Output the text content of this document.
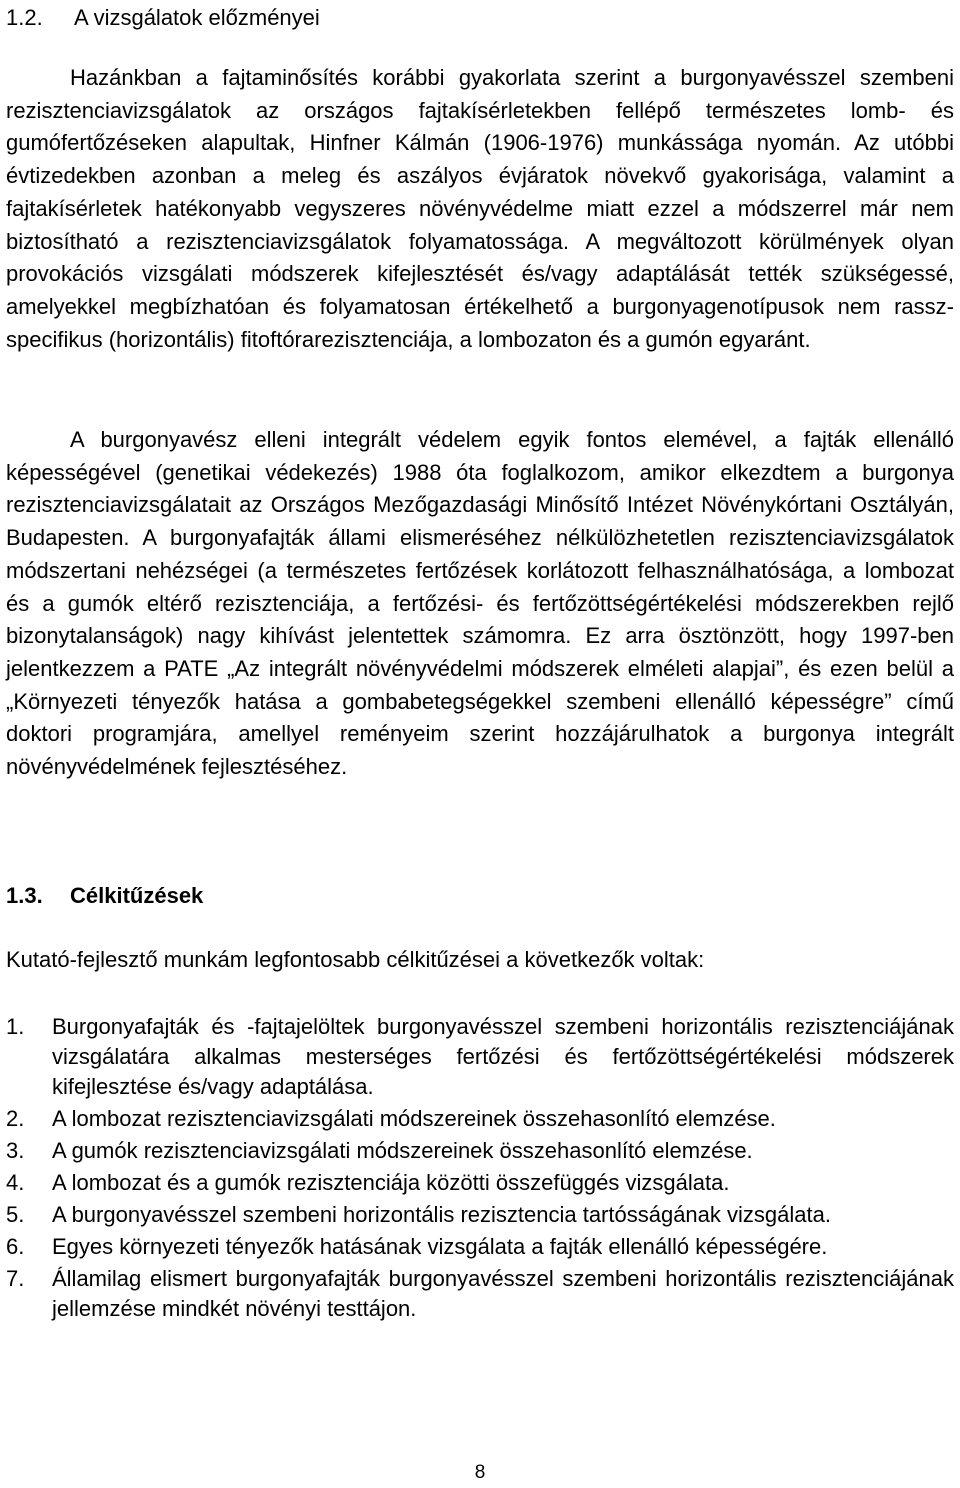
1.2. A vizsgálatok előzményei

Hazánkban a fajtaminősítés korábbi gyakorlata szerint a burgonyavésszel szembeni rezisztenciavizsgálatok az országos fajtakísérletekben fellépő természetes lomb- és gumófertőzéseken alapultak, Hinfner Kálmán (1906-1976) munkássága nyomán. Az utóbbi évtizedekben azonban a meleg és aszályos évjáratok növekvő gyakorisága, valamint a fajtakísérletek hatékonyabb vegyszeres növényvédelme miatt ezzel a módszerrel már nem biztosítható a rezisztenciavizsgálatok folyamatossága. A megváltozott körülmények olyan provokációs vizsgálati módszerek kifejlesztését és/vagy adaptálását tették szükségessé, amelyekkel megbízhatóan és folyamatosan értékelhető a burgonyagenotípusok nem rassz-specifikus (horizontális) fitoftórarezisztenciája, a lombozaton és a gumón egyaránt.

A burgonyavész elleni integrált védelem egyik fontos elemével, a fajták ellenálló képességével (genetikai védekezés) 1988 óta foglalkozom, amikor elkezdtem a burgonya rezisztenciavizsgálatait az Országos Mezőgazdasági Minősítő Intézet Növénykórtani Osztályán, Budapesten. A burgonyafajták állami elismeréséhez nélkülözhetetlen rezisztenciavizsgálatok módszertani nehézségei (a természetes fertőzések korlátozott felhasználhatósága, a lombozat és a gumók eltérő rezisztenciája, a fertőzési- és fertőzöttségértékelési módszerekben rejlő bizonytalanságok) nagy kihívást jelentettek számomra. Ez arra ösztönzött, hogy 1997-ben jelentkezzem a PATE „Az integrált növényvédelmi módszerek elméleti alapjai”, és ezen belül a „Környezeti tényezők hatása a gombabetegségekkel szembeni ellenálló képességre” című doktori programjára, amellyel reményeim szerint hozzájárulhatok a burgonya integrált növényvédelmének fejlesztéséhez.

1.3. Célkitűzések

Kutató-fejlesztő munkám legfontosabb célkitűzései a következők voltak:

1.	Burgonyafajták és -fajtajelöltek burgonyavésszel szembeni horizontális rezisztenciájának vizsgálatára alkalmas mesterséges fertőzési és fertőzöttségértékelési módszerek kifejlesztése és/vagy adaptálása.
2.	A lombozat rezisztenciavizsgálati módszereinek összehasonlító elemzése.
3.	A gumók rezisztenciavizsgálati módszereinek összehasonlító elemzése.
4.	A lombozat és a gumók rezisztenciája közötti összefüggés vizsgálata.
5.	A burgonyavésszel szembeni horizontális rezisztencia tartósságának vizsgálata.
6.	Egyes környezeti tényezők hatásának vizsgálata a fajták ellenálló képességére.
7.	Államilag elismert burgonyafajták burgonyavésszel szembeni horizontális rezisztenciájának jellemzése mindkét növényi testtájon.
8
